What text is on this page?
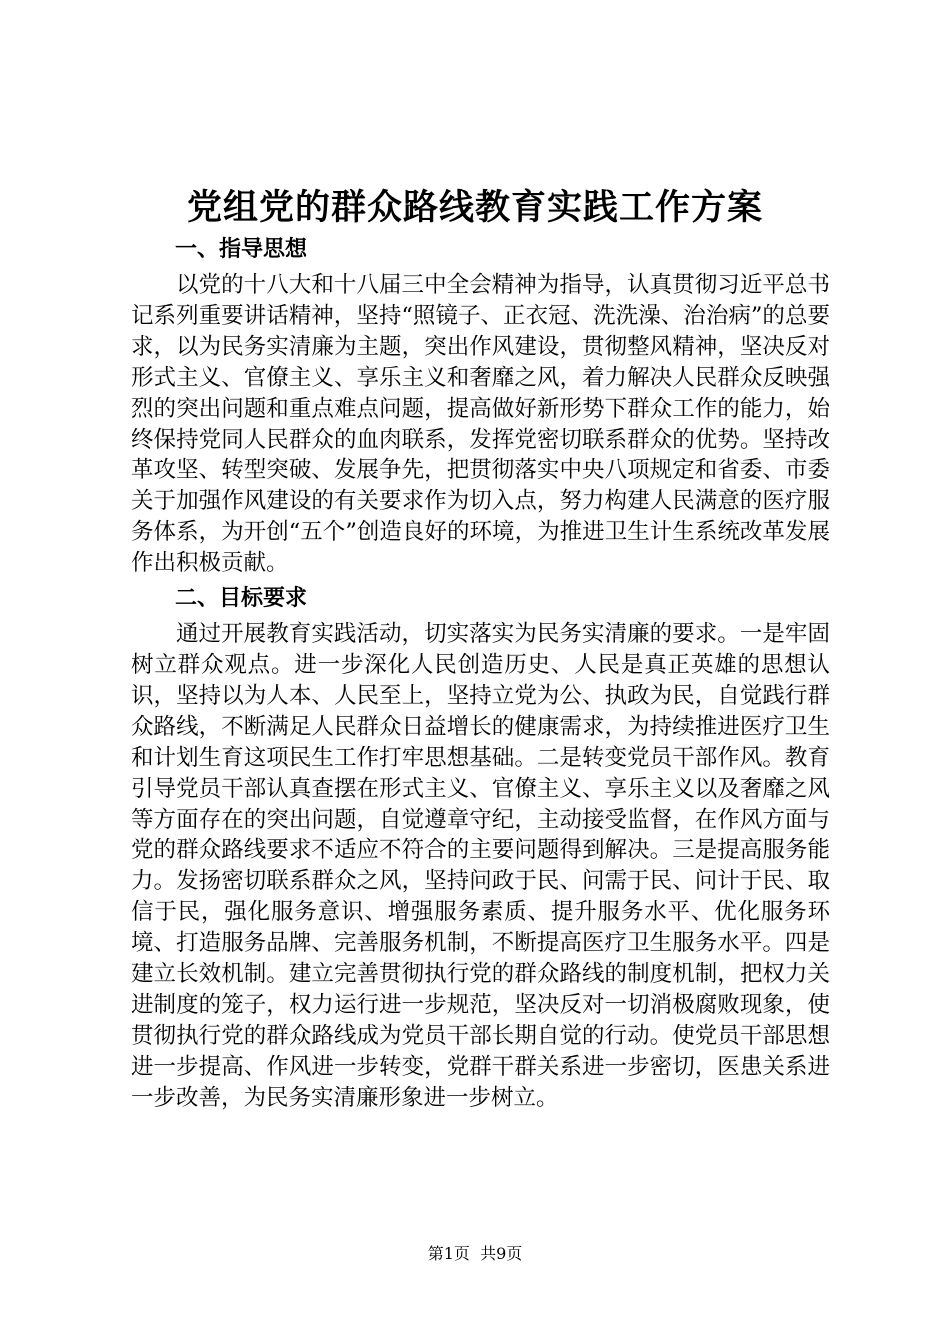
党组党的群众路线教育实践工作方案
一、指导思想

以党的十八大和十八届三中全会精神为指导，认真贯彻习近平总书记系列重要讲话精神，坚持“照镜子、正衣冠、洗洗澡、治治病”的总要求，以为民务实清廉为主题，突出作风建设，贯彻整风精神，坚决反对形式主义、官僚主义、享乐主义和奢靡之风，着力解决人民群众反映强烈的突出问题和重点难点问题，提高做好新形势下群众工作的能力，始终保持党同人民群众的血肉联系，发挥党密切联系群众的优势。坚持改革攻坚、转型突破、发展争先，把贯彻落实中央八项规定和省委、市委关于加强作风建设的有关要求作为切入点，努力构建人民满意的医疗服务体系，为开创“五个”创造良好的环境，为推进卫生计生系统改革发展作出积极贡献。

二、目标要求

通过开展教育实践活动，切实落实为民务实清廉的要求。一是牢固树立群众观点。进一步深化人民创造历史、人民是真正英雄的思想认识，坚持以为人本、人民至上，坚持立党为公、执政为民，自觉践行群众路线，不断满足人民群众日益增长的健康需求，为持续推进医疗卫生和计划生育这项民生工作打牢思想基础。二是转变党员干部作风。教育引导党员干部认真查摆在形式主义、官僚主义、享乐主义以及奢靡之风等方面存在的突出问题，自觉遵章守纪，主动接受监督，在作风方面与党的群众路线要求不适应不符合的主要问题得到解决。三是提高服务能力。发扬密切联系群众之风，坚持问政于民、问需于民、问计于民、取信于民，强化服务意识、增强服务素质、提升服务水平、优化服务环境、打造服务品牌、完善服务机制，不断提高医疗卫生服务水平。四是建立长效机制。建立完善贯彻执行党的群众路线的制度机制，把权力关进制度的笼子，权力运行进一步规范，坚决反对一切消极腐败现象，使贯彻执行党的群众路线成为党员干部长期自觉的行动。使党员干部思想进一步提高、作风进一步转变，党群干群关系进一步密切，医患关系进一步改善，为民务实清廉形象进一步树立。

第1页  共9页
